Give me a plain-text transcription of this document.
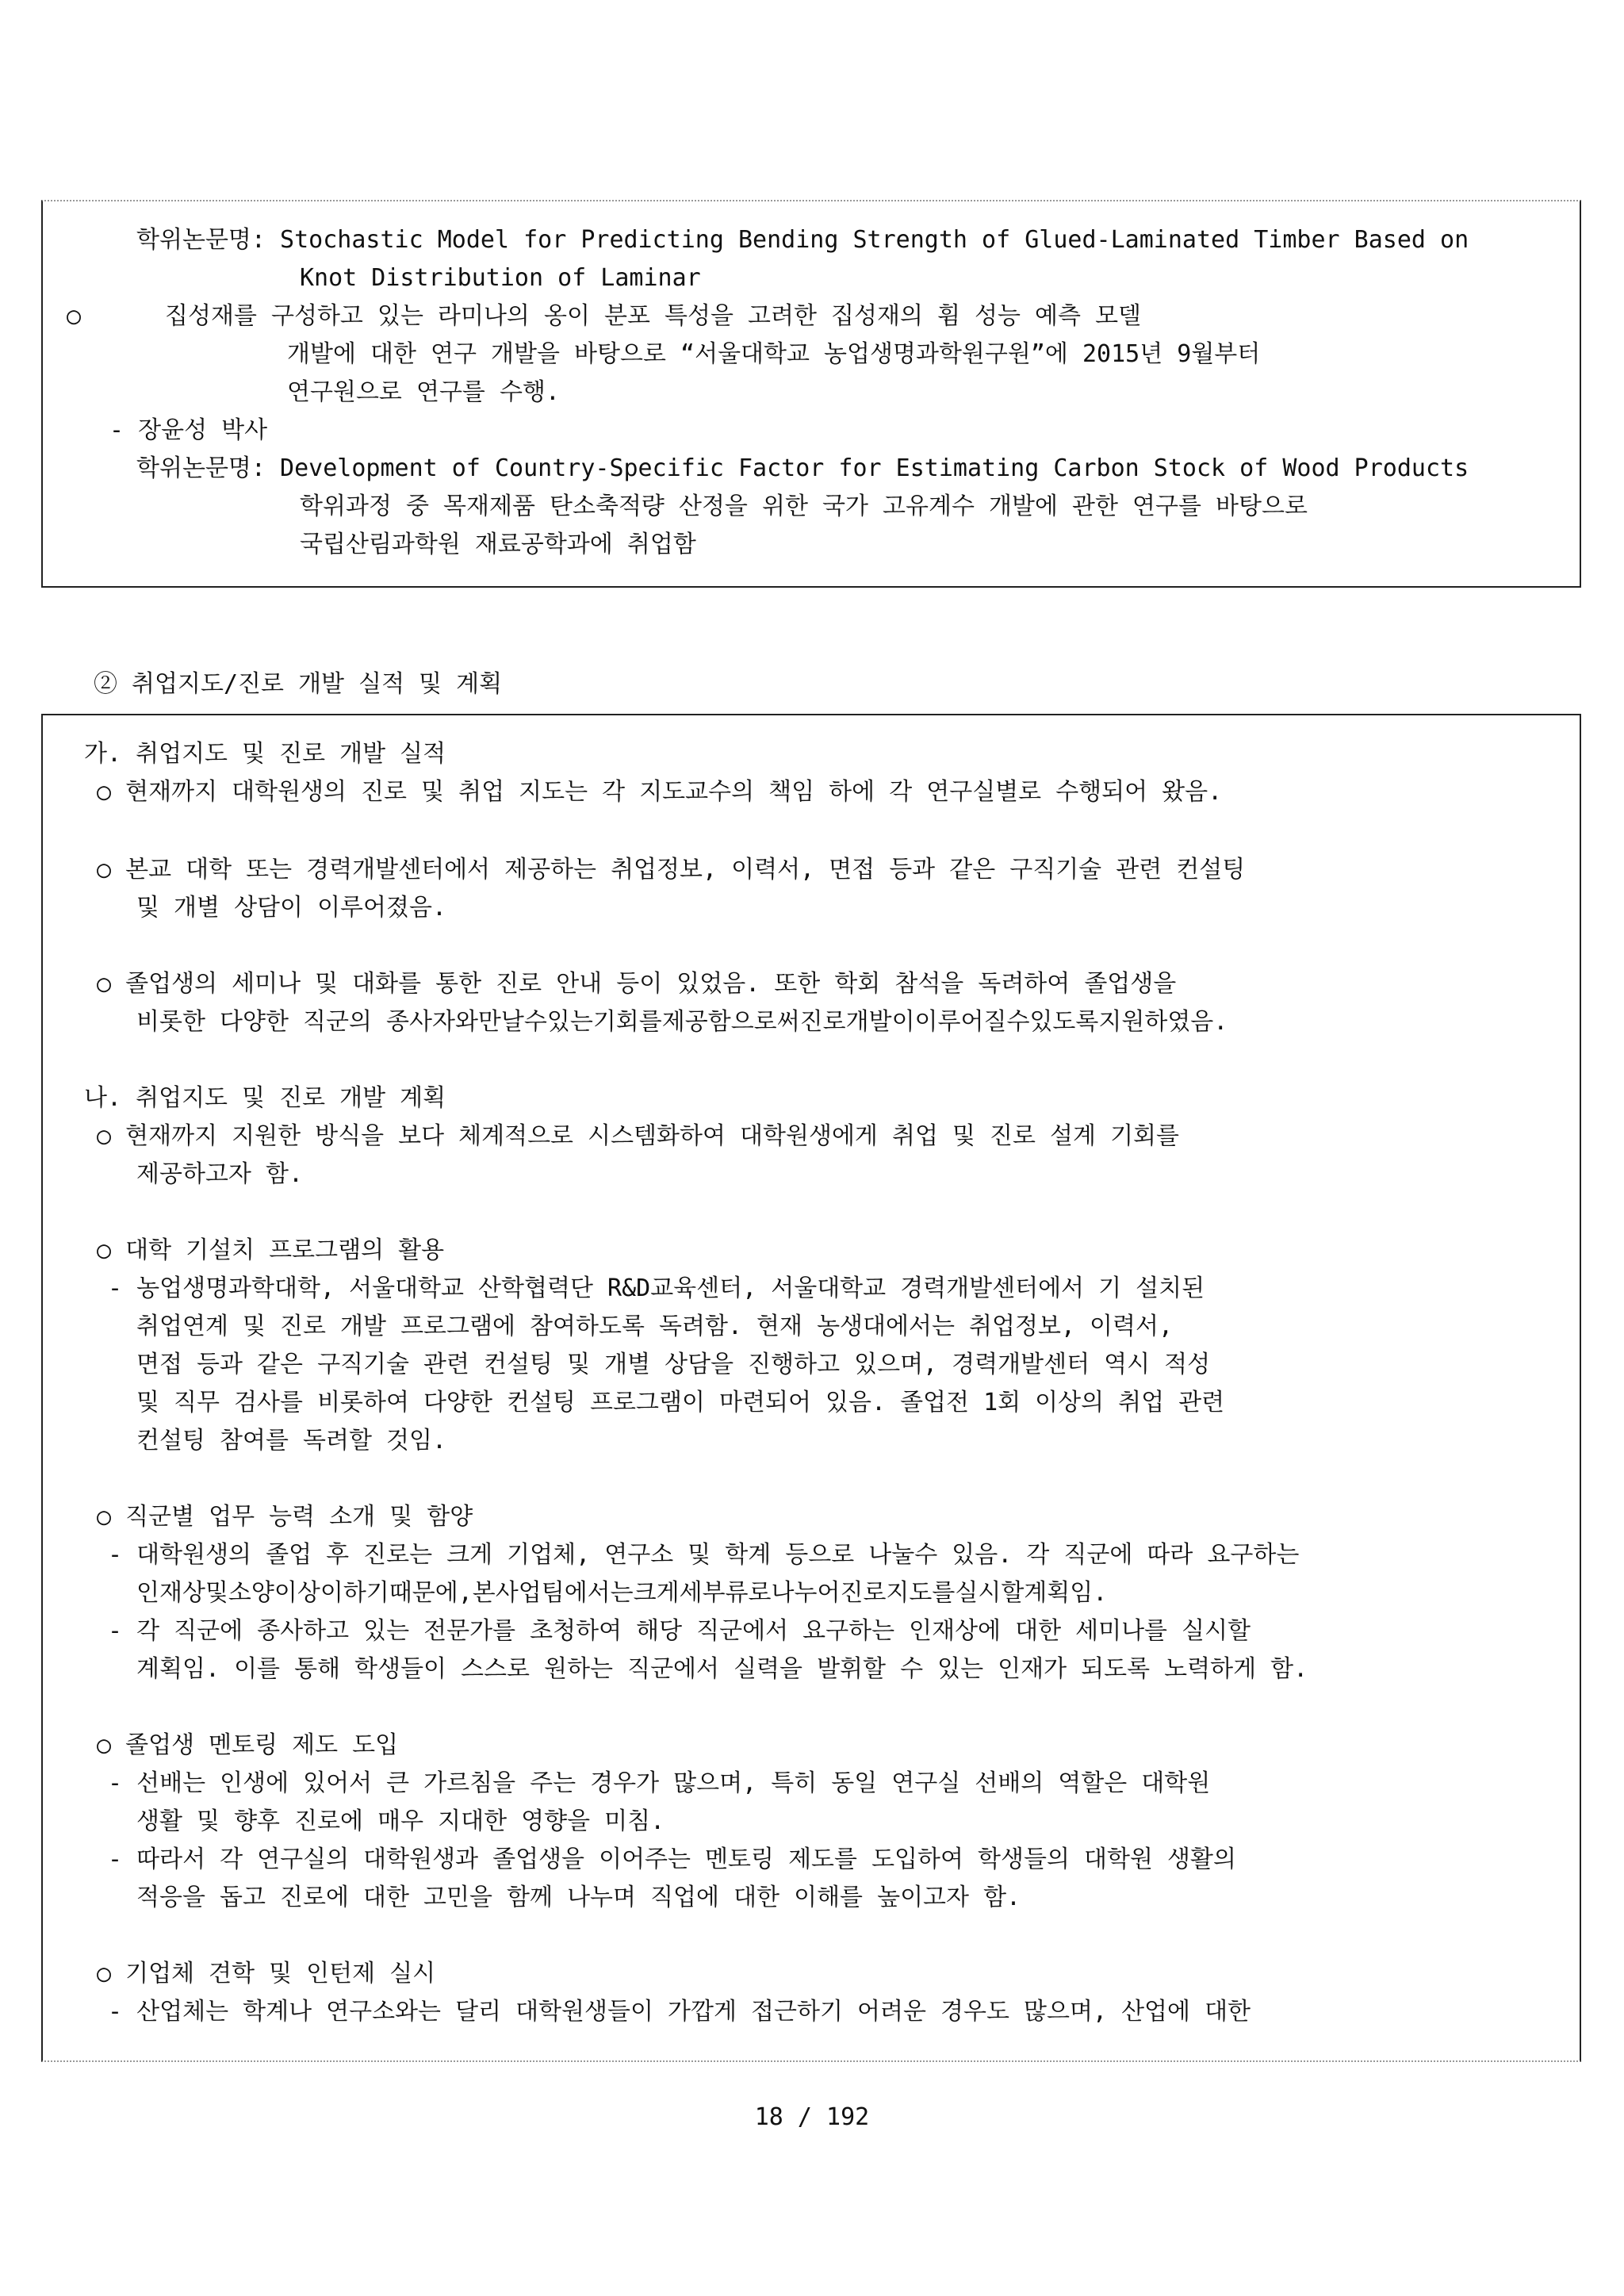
학위논문명: Stochastic Model for Predicting Bending Strength of Glued-Laminated Timber Based on
Knot Distribution of Laminar
○	집성재를 구성하고 있는 라미나의 옹이 분포 특성을 고려한 집성재의 휨 성능 예측 모델
개발에 대한 연구 개발을 바탕으로 “서울대학교 농업생명과학원구원”에 2015년 9월부터
연구원으로 연구를 수행.
- 장윤성 박사
학위논문명: Development of Country-Specific Factor for Estimating Carbon Stock of Wood Products
학위과정 중 목재제품 탄소축적량 산정을 위한 국가 고유계수 개발에 관한 연구를 바탕으로
국립산림과학원 재료공학과에 취업함
② 취업지도/진로 개발 실적 및 계획
가. 취업지도 및 진로 개발 실적
○ 현재까지 대학원생의 진로 및 취업 지도는 각 지도교수의 책임 하에 각 연구실별로 수행되어 왔음.
○ 본교 대학 또는 경력개발센터에서 제공하는 취업정보, 이력서, 면접 등과 같은 구직기술 관련 컨설팅
및 개별 상담이 이루어졌음.
○ 졸업생의 세미나 및 대화를 통한 진로 안내 등이 있었음. 또한 학회 참석을 독려하여 졸업생을
비롯한 다양한 직군의 종사자와만날수있는기회를제공함으로써진로개발이이루어질수있도록지원하였음.
나. 취업지도 및 진로 개발 계획
○ 현재까지 지원한 방식을 보다 체계적으로 시스템화하여 대학원생에게 취업 및 진로 설계 기회를
제공하고자 함.
○ 대학 기설치 프로그램의 활용
- 농업생명과학대학, 서울대학교 산학협력단 R&D교육센터, 서울대학교 경력개발센터에서 기 설치된
취업연계 및 진로 개발 프로그램에 참여하도록 독려함. 현재 농생대에서는 취업정보, 이력서,
면접 등과 같은 구직기술 관련 컨설팅 및 개별 상담을 진행하고 있으며, 경력개발센터 역시 적성
및 직무 검사를 비롯하여 다양한 컨설팅 프로그램이 마련되어 있음. 졸업전 1회 이상의 취업 관련
컨설팅 참여를 독려할 것임.
○ 직군별 업무 능력 소개 및 함양
- 대학원생의 졸업 후 진로는 크게 기업체, 연구소 및 학계 등으로 나눌수 있음. 각 직군에 따라 요구하는
인재상및소양이상이하기때문에,본사업팀에서는크게세부류로나누어진로지도를실시할계획임.
- 각 직군에 종사하고 있는 전문가를 초청하여 해당 직군에서 요구하는 인재상에 대한 세미나를 실시할
계획임. 이를 통해 학생들이 스스로 원하는 직군에서 실력을 발휘할 수 있는 인재가 되도록 노력하게 함.
○ 졸업생 멘토링 제도 도입
- 선배는 인생에 있어서 큰 가르침을 주는 경우가 많으며, 특히 동일 연구실 선배의 역할은 대학원
생활 및 향후 진로에 매우 지대한 영향을 미침.
- 따라서 각 연구실의 대학원생과 졸업생을 이어주는 멘토링 제도를 도입하여 학생들의 대학원 생활의
적응을 돕고 진로에 대한 고민을 함께 나누며 직업에 대한 이해를 높이고자 함.
○ 기업체 견학 및 인턴제 실시
- 산업체는 학계나 연구소와는 달리 대학원생들이 가깝게 접근하기 어려운 경우도 많으며, 산업에 대한
18 / 192
